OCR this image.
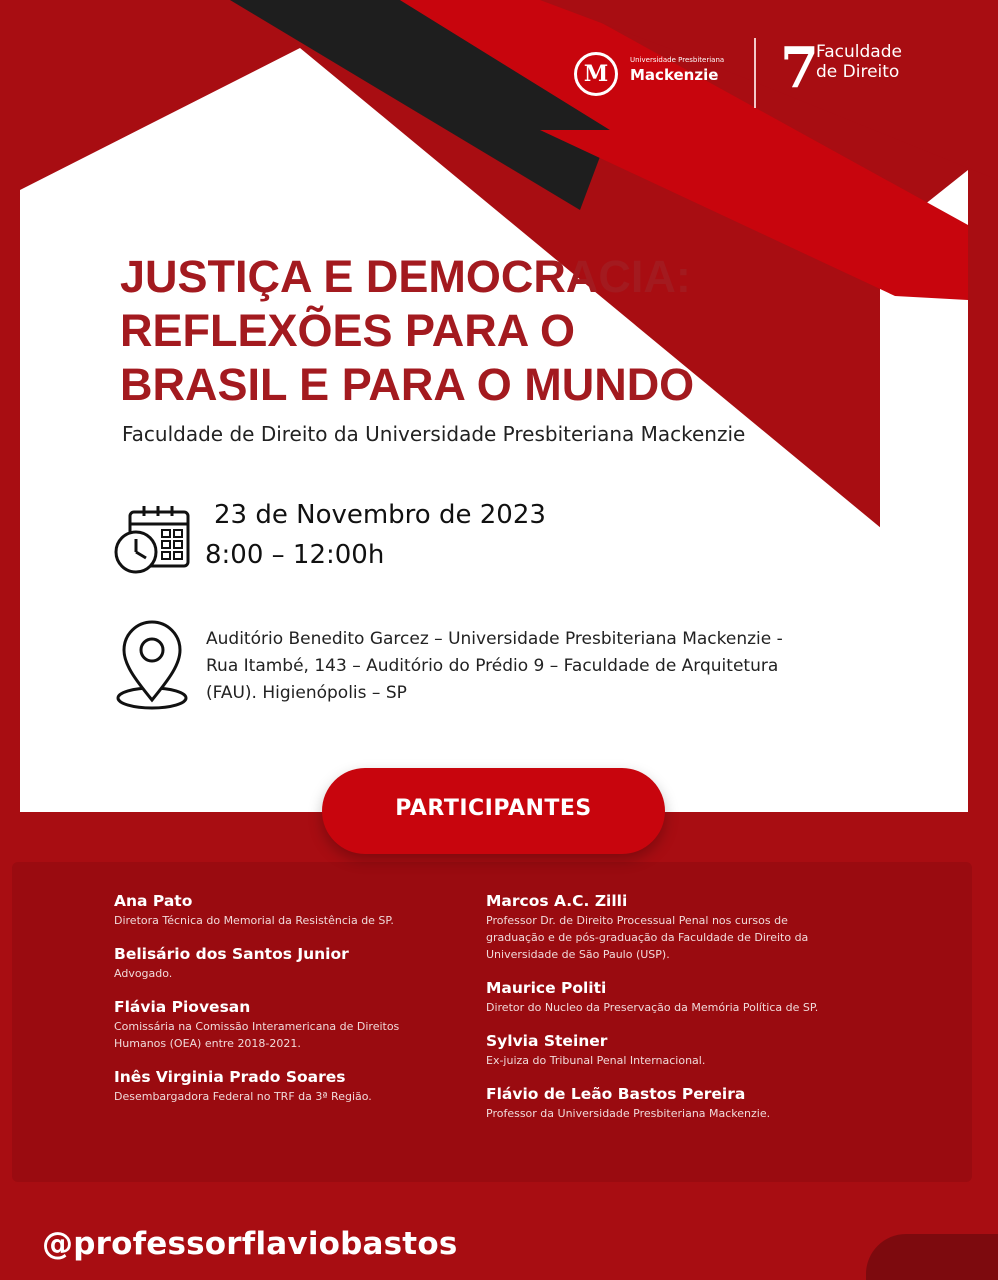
M
Universidade Presbiteriana
Mackenzie 7
Faculdade
de Direito
JUSTIÇA E DEMOCRACIA:
REFLEXÕES PARA O
BRASIL E PARA O MUNDO
Faculdade de Direito da Universidade Presbiteriana Mackenzie
23 de Novembro de 2023
8:00 – 12:00h
Auditório Benedito Garcez – Universidade Presbiteriana Mackenzie -
Rua Itambé, 143 – Auditório do Prédio 9 – Faculdade de Arquitetura
(FAU). Higienópolis – SP
PARTICIPANTES
Ana Pato
Diretora Técnica do Memorial da Resistência de SP.
Belisário dos Santos Junior
Advogado.
Flávia Piovesan
Comissária na Comissão Interamericana de Direitos
Humanos (OEA) entre 2018-2021.
Inês Virginia Prado Soares
Desembargadora Federal no TRF da 3ª Região.
Marcos A.C. Zilli
Professor Dr. de Direito Processual Penal nos cursos de
graduação e de pós-graduação da Faculdade de Direito da
Universidade de São Paulo (USP).
Maurice Politi
Diretor do Nucleo da Preservação da Memória Política de SP.
Sylvia Steiner
Ex-juiza do Tribunal Penal Internacional.
Flávio de Leão Bastos Pereira
Professor da Universidade Presbiteriana Mackenzie.
@professorflaviobastos
